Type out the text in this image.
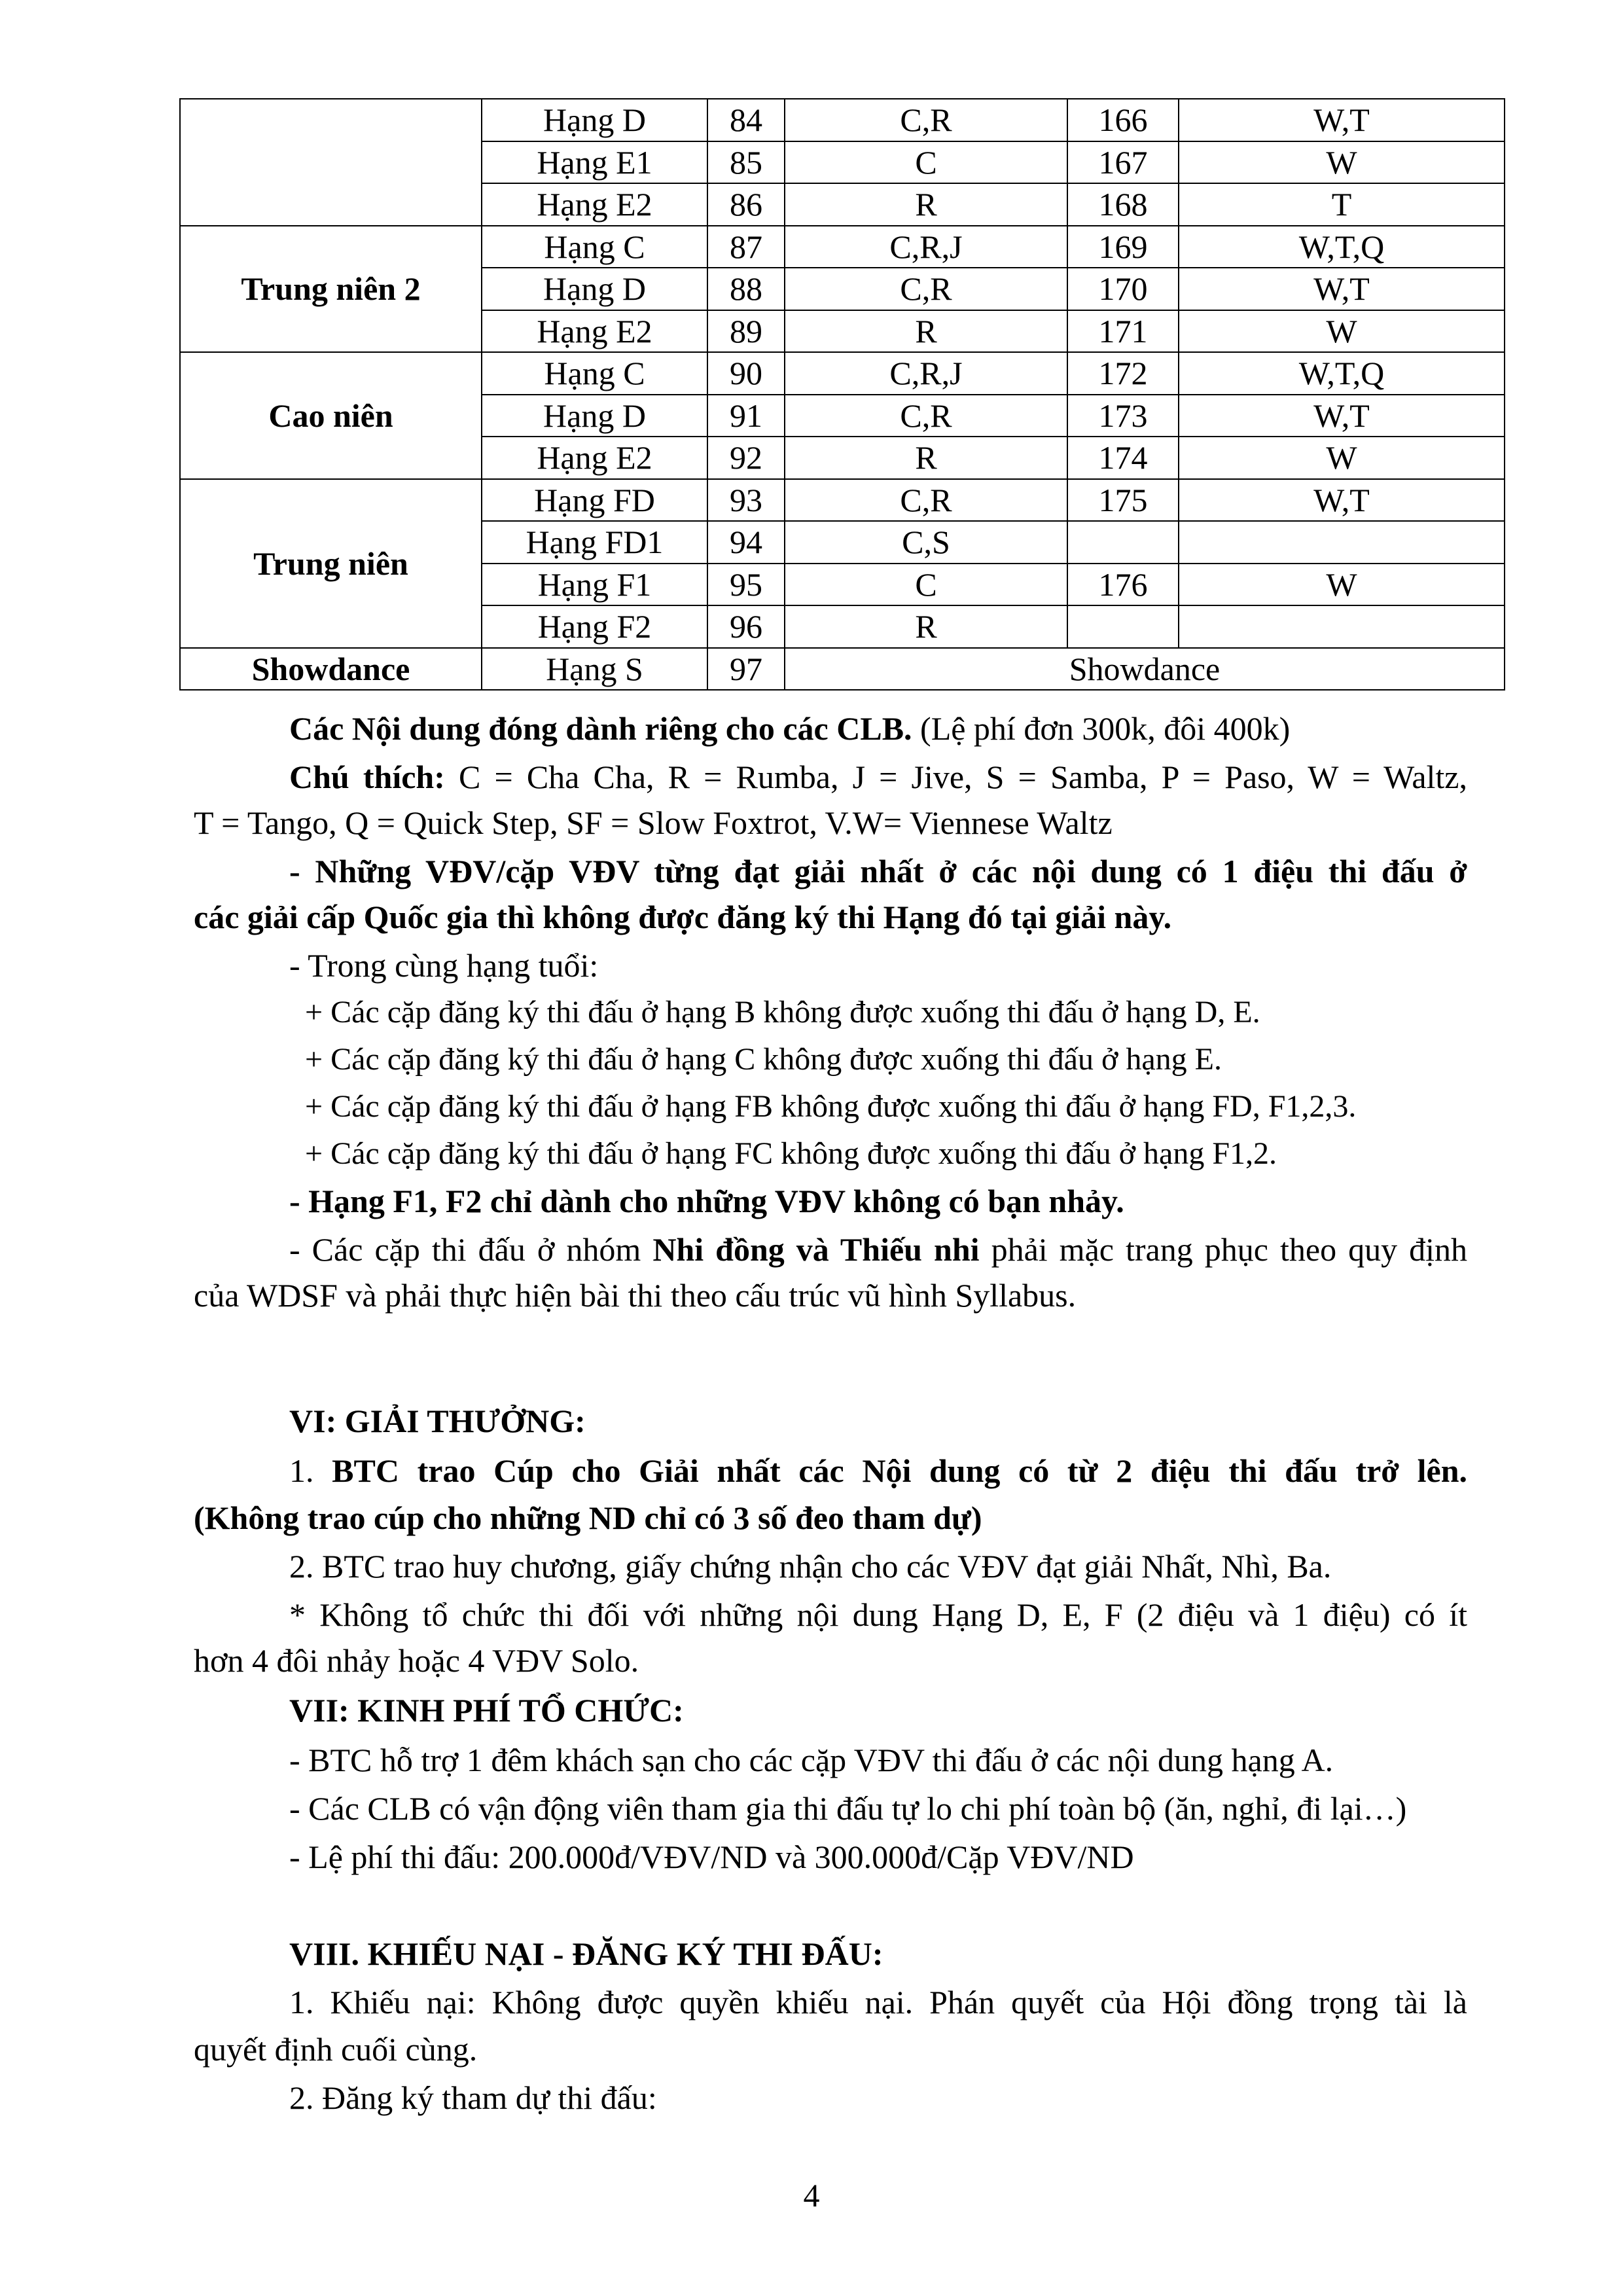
	Hạng D	84	C,R	166	W,T
	Hạng E1	85	C	167	W
	Hạng E2	86	R	168	T
Trung niên 2	Hạng C	87	C,R,J	169	W,T,Q
	Hạng D	88	C,R	170	W,T
	Hạng E2	89	R	171	W
Cao niên	Hạng C	90	C,R,J	172	W,T,Q
	Hạng D	91	C,R	173	W,T
	Hạng E2	92	R	174	W
Trung niên	Hạng FD	93	C,R	175	W,T
	Hạng FD1	94	C,S		
	Hạng F1	95	C	176	W
	Hạng F2	96	R		
Showdance	Hạng S	97	Showdance		
Các Nội dung đóng dành riêng cho các CLB. (Lệ phí đơn 300k, đôi 400k)
Chú thích: C = Cha Cha, R = Rumba, J = Jive, S = Samba, P = Paso, W = Waltz,
T = Tango, Q = Quick Step, SF = Slow Foxtrot, V.W= Viennese Waltz
- Những VĐV/cặp VĐV từng đạt giải nhất ở các nội dung có 1 điệu thi đấu ở
các giải cấp Quốc gia thì không được đăng ký thi Hạng đó tại giải này.
- Trong cùng hạng tuổi:
+ Các cặp đăng ký thi đấu ở hạng B không được xuống thi đấu ở hạng D, E.
+ Các cặp đăng ký thi đấu ở hạng C không được xuống thi đấu ở hạng E.
+ Các cặp đăng ký thi đấu ở hạng FB không được xuống thi đấu ở hạng FD, F1,2,3.
+ Các cặp đăng ký thi đấu ở hạng FC không được xuống thi đấu ở hạng F1,2.
- Hạng F1, F2 chỉ dành cho những VĐV không có bạn nhảy.
- Các cặp thi đấu ở nhóm Nhi đồng và Thiếu nhi phải mặc trang phục theo quy định
của WDSF và phải thực hiện bài thi theo cấu trúc vũ hình Syllabus.
VI: GIẢI THƯỞNG:
1. BTC trao Cúp cho Giải nhất các Nội dung có từ 2 điệu thi đấu trở lên.
(Không trao cúp cho những ND chỉ có 3 số đeo tham dự)
2. BTC trao huy chương, giấy chứng nhận cho các VĐV đạt giải Nhất, Nhì, Ba.
* Không tổ chức thi đối với những nội dung Hạng D, E, F (2 điệu và 1 điệu) có ít
hơn 4 đôi nhảy hoặc 4 VĐV Solo.
VII: KINH PHÍ TỔ CHỨC:
- BTC hỗ trợ 1 đêm khách sạn cho các cặp VĐV thi đấu ở các nội dung hạng A.
- Các CLB có vận động viên tham gia thi đấu tự lo chi phí toàn bộ (ăn, nghỉ, đi lại…)
- Lệ phí thi đấu: 200.000đ/VĐV/ND và 300.000đ/Cặp VĐV/ND
VIII. KHIẾU NẠI - ĐĂNG KÝ THI ĐẤU:
1. Khiếu nại: Không được quyền khiếu nại. Phán quyết của Hội đồng trọng tài là
quyết định cuối cùng.
2. Đăng ký tham dự thi đấu:
4
